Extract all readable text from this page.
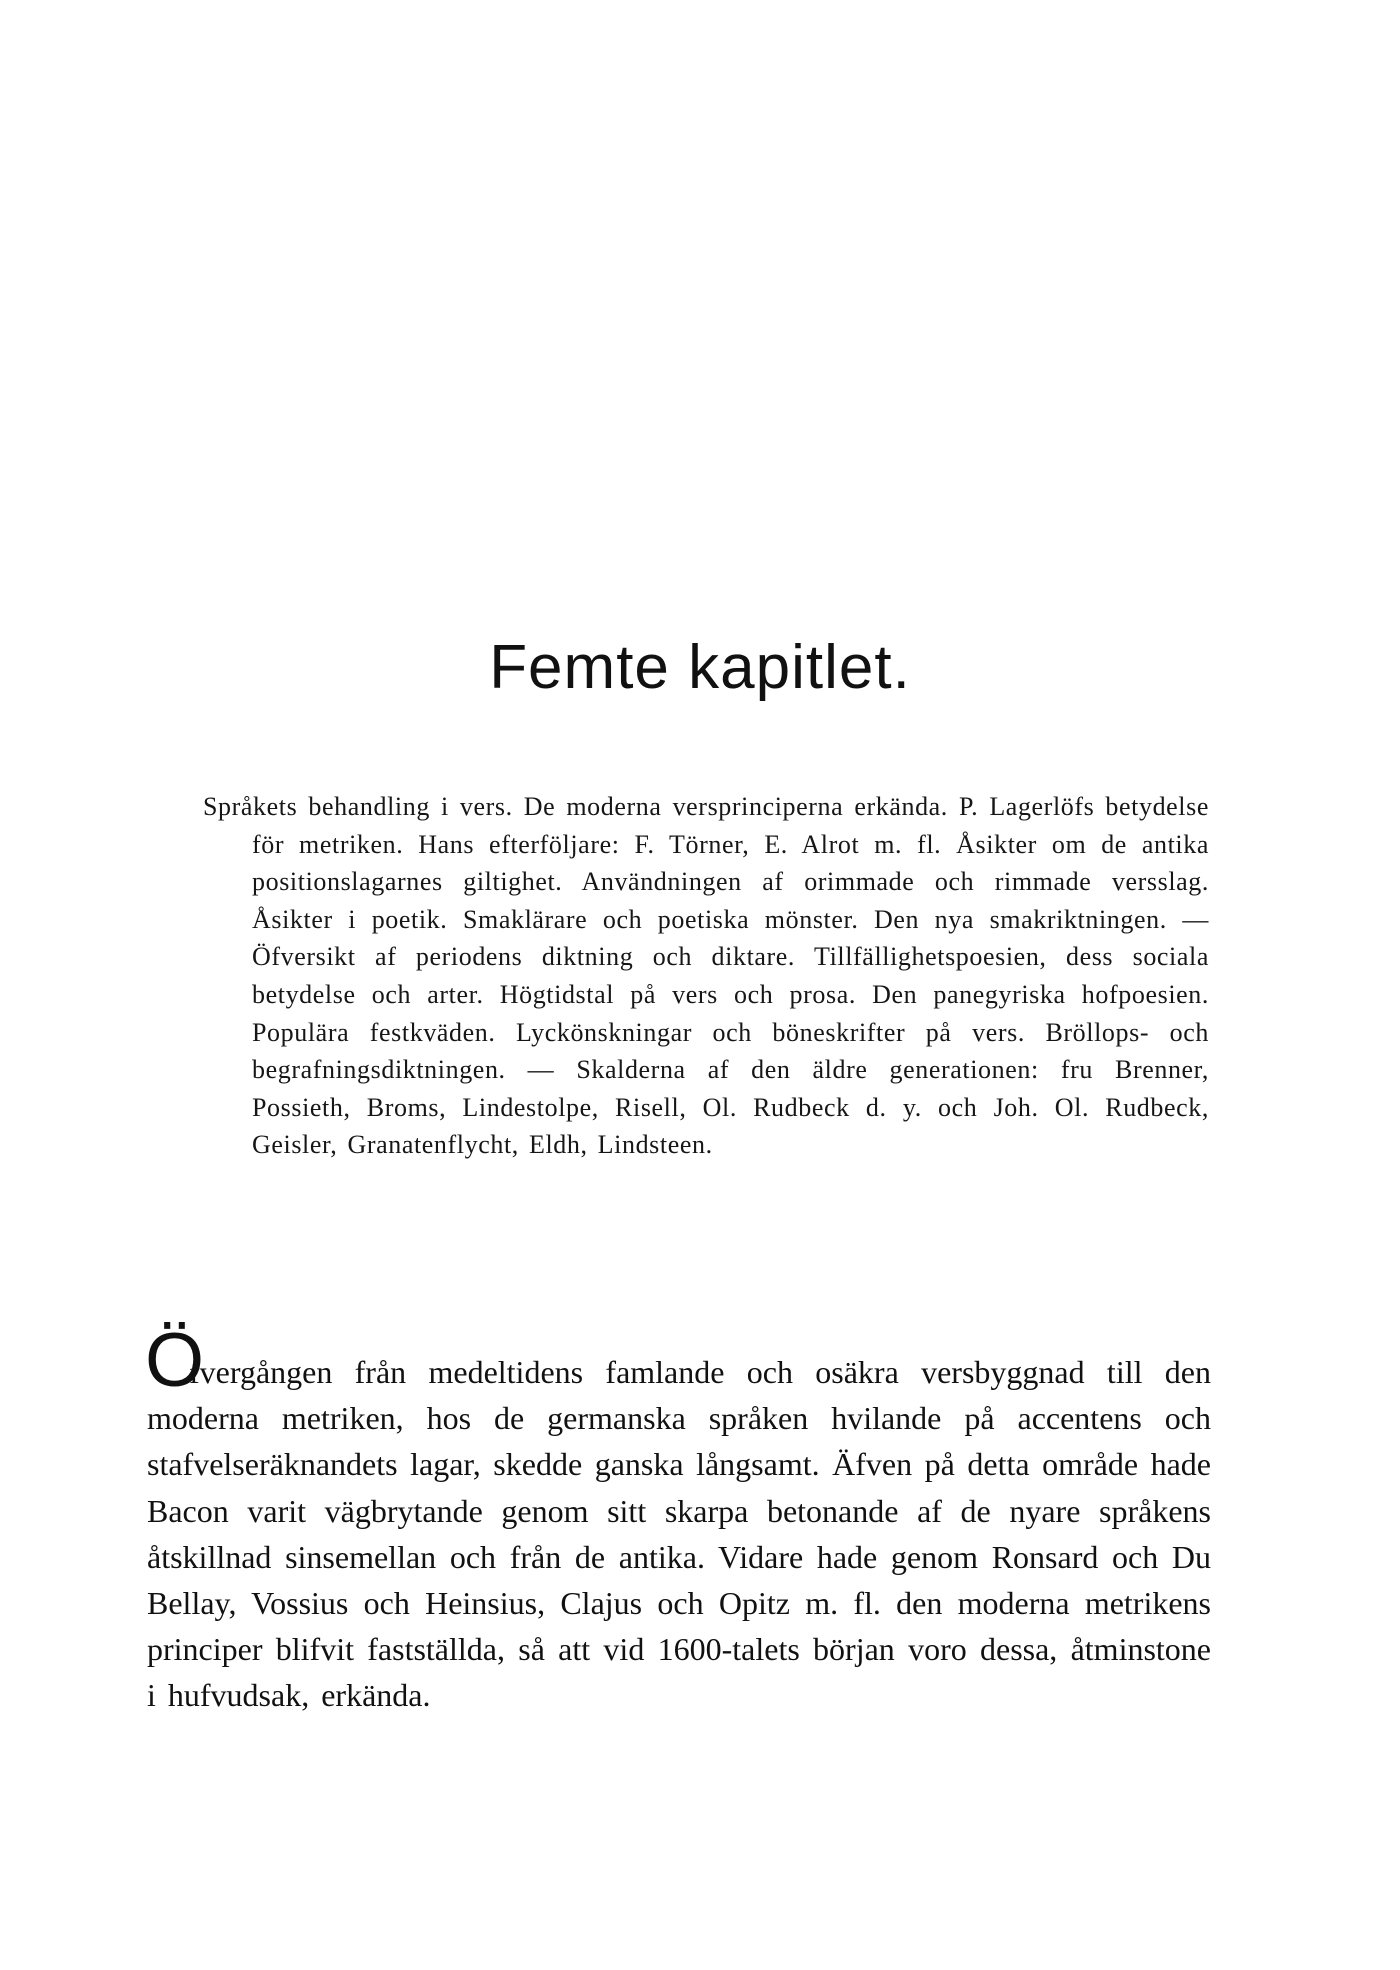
Femte kapitlet.

Språkets behandling i vers. De moderna versprinciperna erkända. P. Lagerlöfs betydelse för metriken. Hans efterföljare: F. Törner, E. Alrot m. fl. Åsikter om de antika positionslagarnes giltighet. Användningen af orimmade och rimmade versslag. Åsikter i poetik. Smaklärare och poetiska mönster. Den nya smakriktningen. — Öfversikt af periodens diktning och diktare. Tillfällighetspoesien, dess sociala betydelse och arter. Högtidstal på vers och prosa. Den panegyriska hofpoesien. Populära festkväden. Lyckönskningar och böneskrifter på vers. Bröllops- och begrafningsdiktningen. — Skalderna af den äldre generationen: fru Brenner, Possieth, Broms, Lindestolpe, Risell, Ol. Rudbeck d. y. och Joh. Ol. Rudbeck, Geisler, Granatenflycht, Eldh, Lindsteen.

Ö
fvergången från medeltidens famlande och osäkra versbyggnad till den moderna metriken, hos de germanska språken hvilande på accentens och stafvelseräknandets lagar, skedde ganska långsamt. Äfven på detta område hade Bacon varit vägbrytande genom sitt skarpa betonande af de nyare språkens åtskillnad sinsemellan och från de antika. Vidare hade genom Ronsard och Du Bellay, Vossius och Heinsius, Clajus och Opitz m. fl. den moderna metrikens principer blifvit fastställda, så att vid 1600-talets början voro dessa, åtminstone i hufvudsak, erkända.
